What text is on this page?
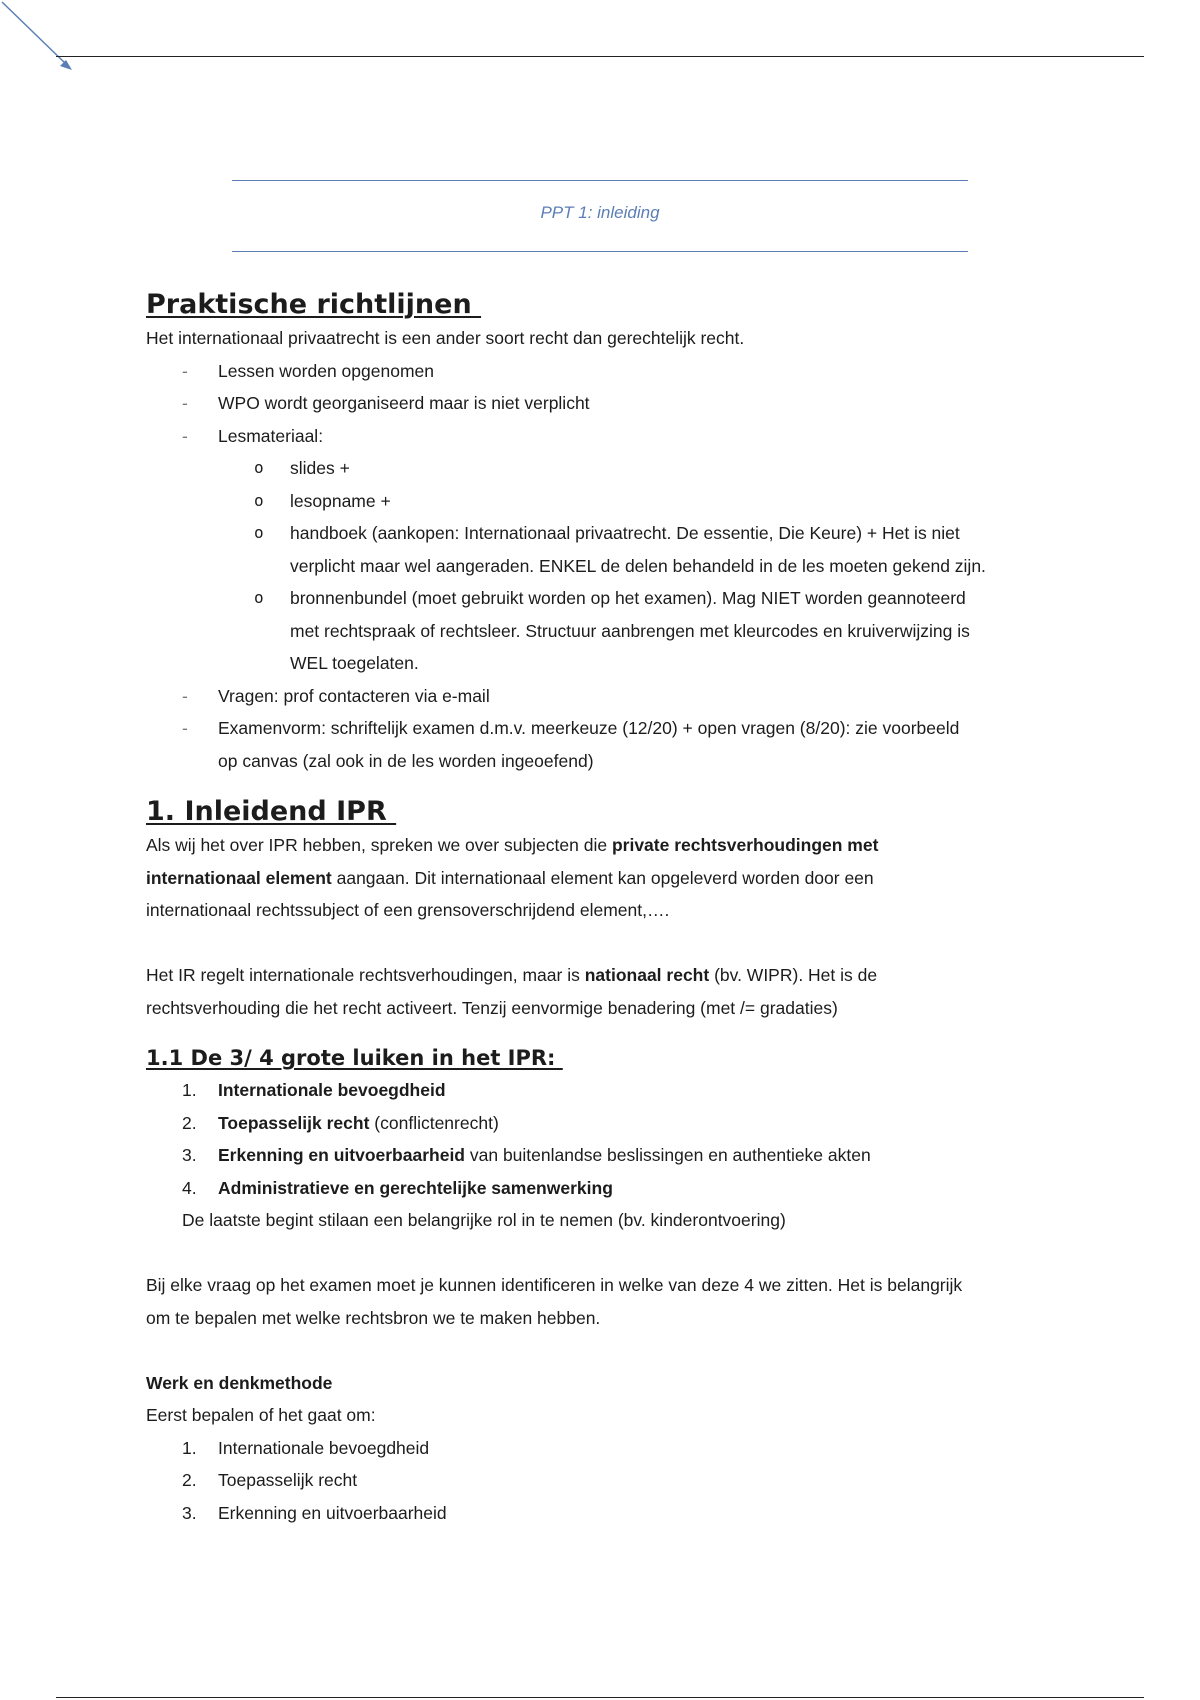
PPT 1: inleiding
Praktische richtlijnen
Het internationaal privaatrecht is een ander soort recht dan gerechtelijk recht.
- Lessen worden opgenomen
- WPO wordt georganiseerd maar is niet verplicht
- Lesmateriaal:
o slides +
o lesopname +
o handboek (aankopen: Internationaal privaatrecht. De essentie, Die Keure) + Het is niet
verplicht maar wel aangeraden. ENKEL de delen behandeld in de les moeten gekend zijn.
o bronnenbundel (moet gebruikt worden op het examen). Mag NIET worden geannoteerd
met rechtspraak of rechtsleer. Structuur aanbrengen met kleurcodes en kruiverwijzing is
WEL toegelaten.
- Vragen: prof contacteren via e-mail
- Examenvorm: schriftelijk examen d.m.v. meerkeuze (12/20) + open vragen (8/20): zie voorbeeld
op canvas (zal ook in de les worden ingeoefend)
1. Inleidend IPR
Als wij het over IPR hebben, spreken we over subjecten die private rechtsverhoudingen met
internationaal element aangaan. Dit internationaal element kan opgeleverd worden door een
internationaal rechtssubject of een grensoverschrijdend element,….
Het IR regelt internationale rechtsverhoudingen, maar is nationaal recht (bv. WIPR). Het is de
rechtsverhouding die het recht activeert. Tenzij eenvormige benadering (met /= gradaties)
1.1 De 3/ 4 grote luiken in het IPR:
1. Internationale bevoegdheid
2. Toepasselijk recht (conflictenrecht)
3. Erkenning en uitvoerbaarheid van buitenlandse beslissingen en authentieke akten
4. Administratieve en gerechtelijke samenwerking
De laatste begint stilaan een belangrijke rol in te nemen (bv. kinderontvoering)
Bij elke vraag op het examen moet je kunnen identificeren in welke van deze 4 we zitten. Het is belangrijk
om te bepalen met welke rechtsbron we te maken hebben.
Werk en denkmethode
Eerst bepalen of het gaat om:
1. Internationale bevoegdheid
2. Toepasselijk recht
3. Erkenning en uitvoerbaarheid
